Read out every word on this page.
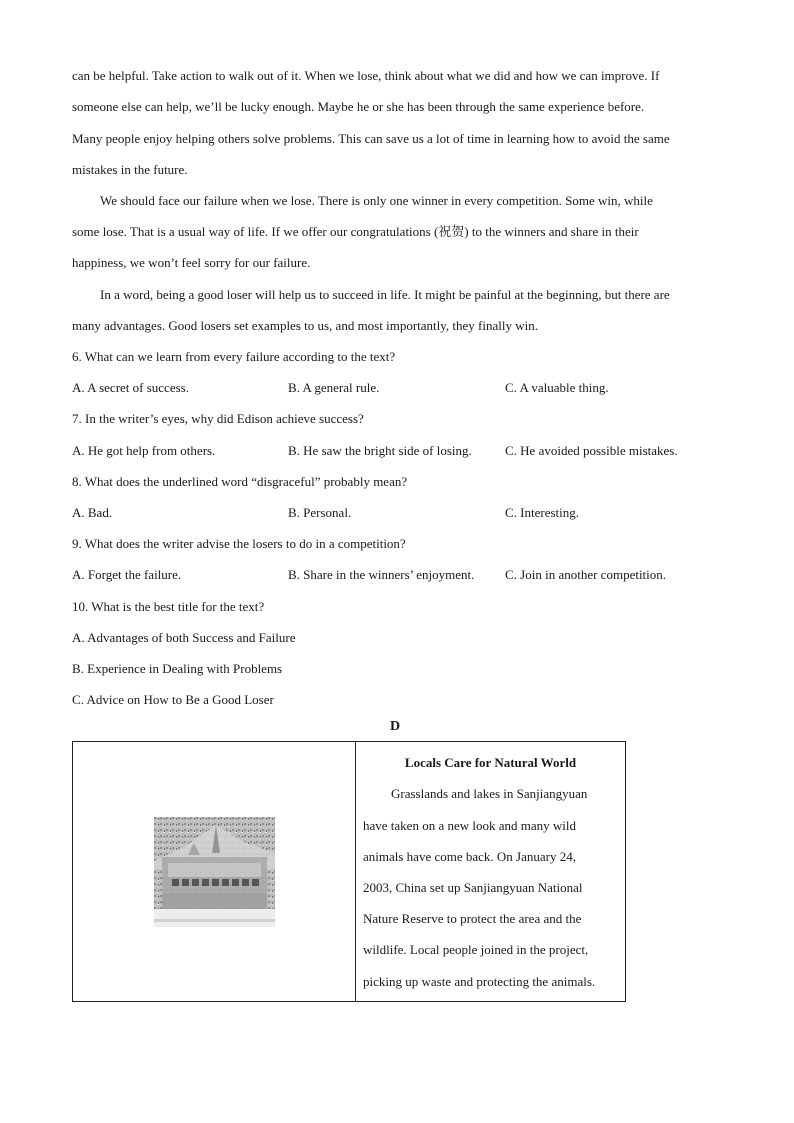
can be helpful. Take action to walk out of it. When we lose, think about what we did and how we can improve. If
someone else can help, we’ll be lucky enough. Maybe he or she has been through the same experience before.
Many people enjoy helping others solve problems. This can save us a lot of time in learning how to avoid the same
mistakes in the future.
We should face our failure when we lose. There is only one winner in every competition. Some win, while
some lose. That is a usual way of life. If we offer our congratulations (祝贺) to the winners and share in their
happiness, we won’t feel sorry for our failure.
In a word, being a good loser will help us to succeed in life. It might be painful at the beginning, but there are
many advantages. Good losers set examples to us, and most importantly, they finally win.
6. What can we learn from every failure according to the text?
A. A secret of success.	B. A general rule.	C. A valuable thing.
7. In the writer’s eyes, why did Edison achieve success?
A. He got help from others.	B. He saw the bright side of losing.	C. He avoided possible mistakes.
8. What does the underlined word “disgraceful” probably mean?
A. Bad.	B. Personal.	C. Interesting.
9. What does the writer advise the losers to do in a competition?
A. Forget the failure.	B. Share in the winners’ enjoyment. C. Join in another competition.
10. What is the best title for the text?
A. Advantages of both Success and Failure
B. Experience in Dealing with Problems
C. Advice on How to Be a Good Loser
D
Locals Care for Natural World
Grasslands and lakes in Sanjiangyuan
have taken on a new look and many wild
animals have come back. On January 24,
2003, China set up Sanjiangyuan National
Nature Reserve to protect the area and the
wildlife. Local people joined in the project,
picking up waste and protecting the animals.
